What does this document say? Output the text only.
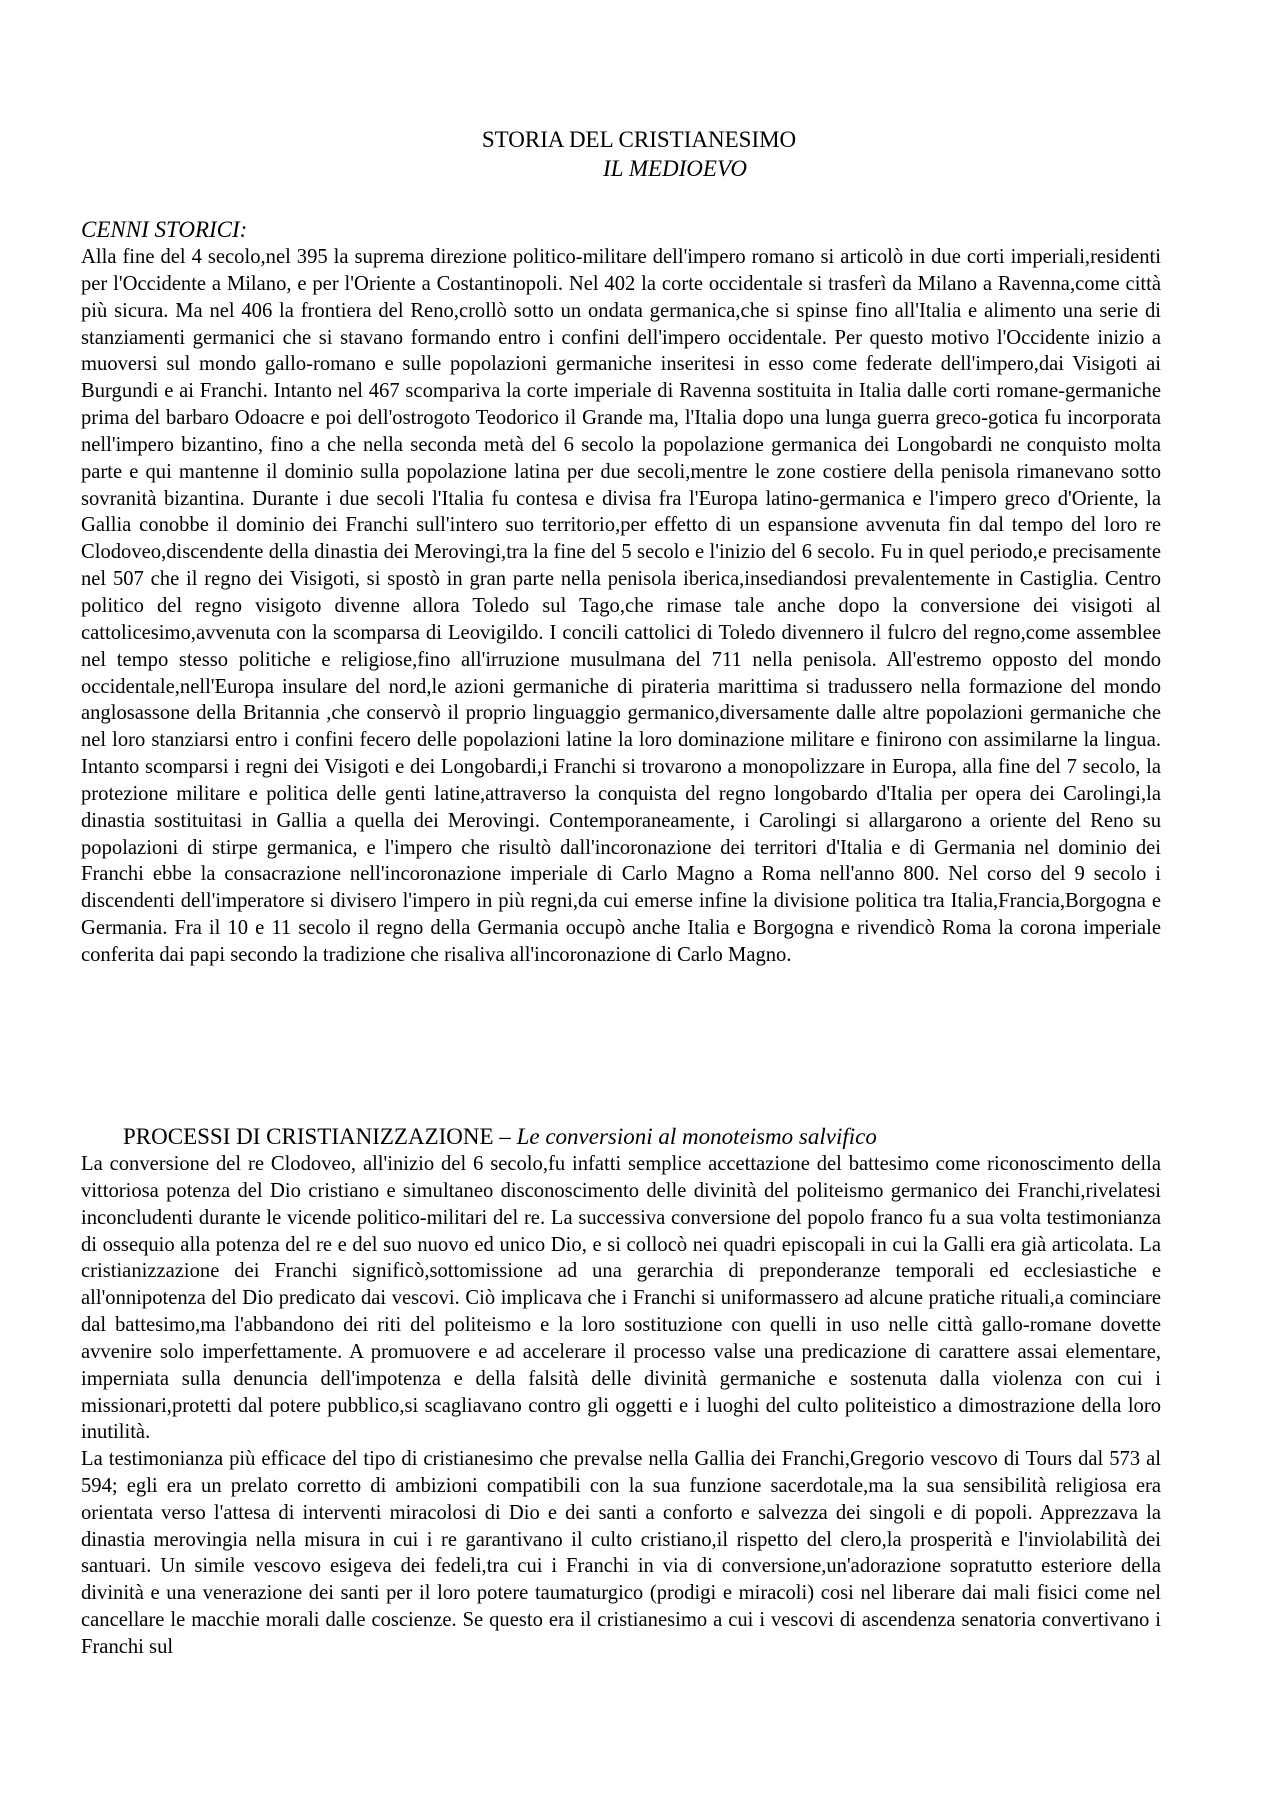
STORIA DEL CRISTIANESIMO
IL MEDIOEVO
CENNI STORICI:
Alla fine del 4 secolo,nel 395 la suprema direzione politico-militare dell'impero romano si articolò in due corti imperiali,residenti per l'Occidente a Milano, e per l'Oriente a Costantinopoli. Nel 402 la corte occidentale si trasferì da Milano a Ravenna,come città più sicura. Ma nel 406 la frontiera del Reno,crollò sotto un ondata germanica,che si spinse fino all'Italia e alimento una serie di stanziamenti germanici che si stavano formando entro i confini dell'impero occidentale. Per questo motivo l'Occidente inizio a muoversi sul mondo gallo-romano e sulle popolazioni germaniche inseritesi in esso come federate dell'impero,dai Visigoti ai Burgundi e ai Franchi. Intanto nel 467 scompariva la corte imperiale di Ravenna sostituita in Italia dalle corti romane-germaniche prima del barbaro Odoacre e poi dell'ostrogoto Teodorico il Grande ma, l'Italia dopo una lunga guerra greco-gotica fu incorporata nell'impero bizantino, fino a che nella seconda metà del 6 secolo la popolazione germanica dei Longobardi ne conquisto molta parte e qui mantenne il dominio sulla popolazione latina per due secoli,mentre le zone costiere della penisola rimanevano sotto sovranità bizantina. Durante i due secoli l'Italia fu contesa e divisa fra l'Europa latino-germanica e l'impero greco d'Oriente, la Gallia conobbe il dominio dei Franchi sull'intero suo territorio,per effetto di un espansione avvenuta fin dal tempo del loro re Clodoveo,discendente della dinastia dei Merovingi,tra la fine del 5 secolo e l'inizio del 6 secolo. Fu in quel periodo,e precisamente nel 507 che il regno dei Visigoti, si spostò in gran parte nella penisola iberica,insediandosi prevalentemente in Castiglia. Centro politico del regno visigoto divenne allora Toledo sul Tago,che rimase tale anche dopo la conversione dei visigoti al cattolicesimo,avvenuta con la scomparsa di Leovigildo. I concili cattolici di Toledo divennero il fulcro del regno,come assemblee nel tempo stesso politiche e religiose,fino all'irruzione musulmana del 711 nella penisola. All'estremo opposto del mondo occidentale,nell'Europa insulare del nord,le azioni germaniche di pirateria marittima si tradussero nella formazione del mondo anglosassone della Britannia ,che conservò il proprio linguaggio germanico,diversamente dalle altre popolazioni germaniche che nel loro stanziarsi entro i confini fecero delle popolazioni latine la loro dominazione militare e finirono con assimilarne la lingua. Intanto scomparsi i regni dei Visigoti e dei Longobardi,i Franchi si trovarono a monopolizzare in Europa, alla fine del 7 secolo, la protezione militare e politica delle genti latine,attraverso la conquista del regno longobardo d'Italia per opera dei Carolingi,la dinastia sostituitasi in Gallia a quella dei Merovingi. Contemporaneamente, i Carolingi si allargarono a oriente del Reno su popolazioni di stirpe germanica, e l'impero che risultò dall'incoronazione dei territori d'Italia e di Germania nel dominio dei Franchi ebbe la consacrazione nell'incoronazione imperiale di Carlo Magno a Roma nell'anno 800. Nel corso del 9 secolo i discendenti dell'imperatore si divisero l'impero in più regni,da cui emerse infine la divisione politica tra Italia,Francia,Borgogna e Germania. Fra il 10 e 11 secolo il regno della Germania occupò anche Italia e Borgogna e rivendicò Roma la corona imperiale conferita dai papi secondo la tradizione che risaliva all'incoronazione di Carlo Magno.
PROCESSI DI CRISTIANIZZAZIONE – Le conversioni al monoteismo salvifico
La conversione del re Clodoveo, all'inizio del 6 secolo,fu infatti semplice accettazione del battesimo come riconoscimento della vittoriosa potenza del Dio cristiano e simultaneo disconoscimento delle divinità del politeismo germanico dei Franchi,rivelatesi inconcludenti durante le vicende politico-militari del re. La successiva conversione del popolo franco fu a sua volta testimonianza di ossequio alla potenza del re e del suo nuovo ed unico Dio, e si collocò nei quadri episcopali in cui la Galli era già articolata. La cristianizzazione dei Franchi significò,sottomissione ad una gerarchia di preponderanze temporali ed ecclesiastiche e all'onnipotenza del Dio predicato dai vescovi. Ciò implicava che i Franchi si uniformassero ad alcune pratiche rituali,a cominciare dal battesimo,ma l'abbandono dei riti del politeismo e la loro sostituzione con quelli in uso nelle città gallo-romane dovette avvenire solo imperfettamente. A promuovere e ad accelerare il processo valse una predicazione di carattere assai elementare, imperniata sulla denuncia dell'impotenza e della falsità delle divinità germaniche e sostenuta dalla violenza con cui i missionari,protetti dal potere pubblico,si scagliavano contro gli oggetti e i luoghi del culto politeistico a dimostrazione della loro inutilità.
La testimonianza più efficace del tipo di cristianesimo che prevalse nella Gallia dei Franchi,Gregorio vescovo di Tours dal 573 al 594; egli era un prelato corretto di ambizioni compatibili con la sua funzione sacerdotale,ma la sua sensibilità religiosa era orientata verso l'attesa di interventi miracolosi di Dio e dei santi a conforto e salvezza dei singoli e di popoli. Apprezzava la dinastia merovingia nella misura in cui i re garantivano il culto cristiano,il rispetto del clero,la prosperità e l'inviolabilità dei santuari. Un simile vescovo esigeva dei fedeli,tra cui i Franchi in via di conversione,un'adorazione sopratutto esteriore della divinità e una venerazione dei santi per il loro potere taumaturgico (prodigi e miracoli) cosi nel liberare dai mali fisici come nel cancellare le macchie morali dalle coscienze. Se questo era il cristianesimo a cui i vescovi di ascendenza senatoria convertivano i Franchi sul
